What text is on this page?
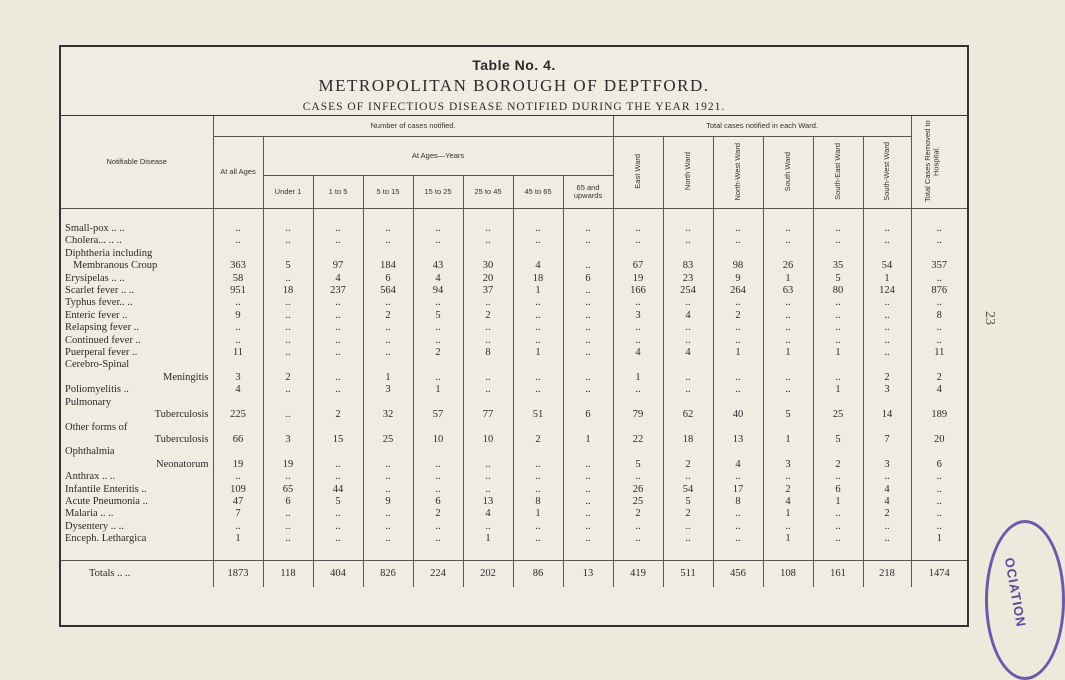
Table No. 4.
METROPOLITAN BOROUGH OF DEPTFORD.
CASES OF INFECTIOUS DISEASE NOTIFIED DURING THE YEAR 1921.
Notifiable Disease	Number of cases notified.								Total cases notified in each Ward.						Total Cases Removed to Hospital.
	At all Ages	At Ages—Years							East Ward	North Ward	North-West Ward	South Ward	South-East Ward	South-West Ward	
		Under 1	1 to 5	5 to 15	15 to 25	25 to 45	45 to 65	65 and upwards							

Small-pox .. ..	..	..	..	..	..	..	..	..	..	..	..	..	..	..	..
Cholera... .. ..	..	..	..	..	..	..	..	..	..	..	..	..	..	..	..
Diphtheria including															
Membranous Croup	363	5	97	184	43	30	4	..	67	83	98	26	35	54	357
Erysipelas .. ..	58	..	4	6	4	20	18	6	19	23	9	1	5	1	..
Scarlet fever .. ..	951	18	237	564	94	37	1	..	166	254	264	63	80	124	876
Typhus fever.. ..	..	..	..	..	..	..	..	..	..	..	..	..	..	..	..
Enteric fever ..	9	..	..	2	5	2	..	..	3	4	2	..	..	..	8
Relapsing fever ..	..	..	..	..	..	..	..	..	..	..	..	..	..	..	..
Continued fever ..	..	..	..	..	..	..	..	..	..	..	..	..	..	..	..
Puerperal fever ..	11	..	..	..	2	8	1	..	4	4	1	1	1	..	11
Cerebro-Spinal															
Meningitis	3	2	..	1	..	..	..	..	1	..	..	..	..	2	2
Poliomyelitis ..	4	..	..	3	1	..	..	..	..	..	..	..	1	3	4
Pulmonary															
Tuberculosis	225	..	2	32	57	77	51	6	79	62	40	5	25	14	189
Other forms of															
Tuberculosis	66	3	15	25	10	10	2	1	22	18	13	1	5	7	20
Ophthalmia															
Neonatorum	19	19	..	..	..	..	..	..	5	2	4	3	2	3	6
Anthrax .. ..	..	..	..	..	..	..	..	..	..	..	..	..	..	..	..
Infantile Enteritis ..	109	65	44	..	..	..	..	..	26	54	17	2	6	4	..
Acute Pneumonia ..	47	6	5	9	6	13	8	..	25	5	8	4	1	4	..
Malaria .. ..	7	..	..	..	2	4	1	..	2	2	..	1	..	2	..
Dysentery .. ..	..	..	..	..	..	..	..	..	..	..	..	..	..	..	..
Enceph. Lethargica	1	..	..	..	..	1	..	..	..	..	..	1	..	..	1

Totals .. ..	1873	118	404	826	224	202	86	13	419	511	456	108	161	218	1474
23
OCIATION
